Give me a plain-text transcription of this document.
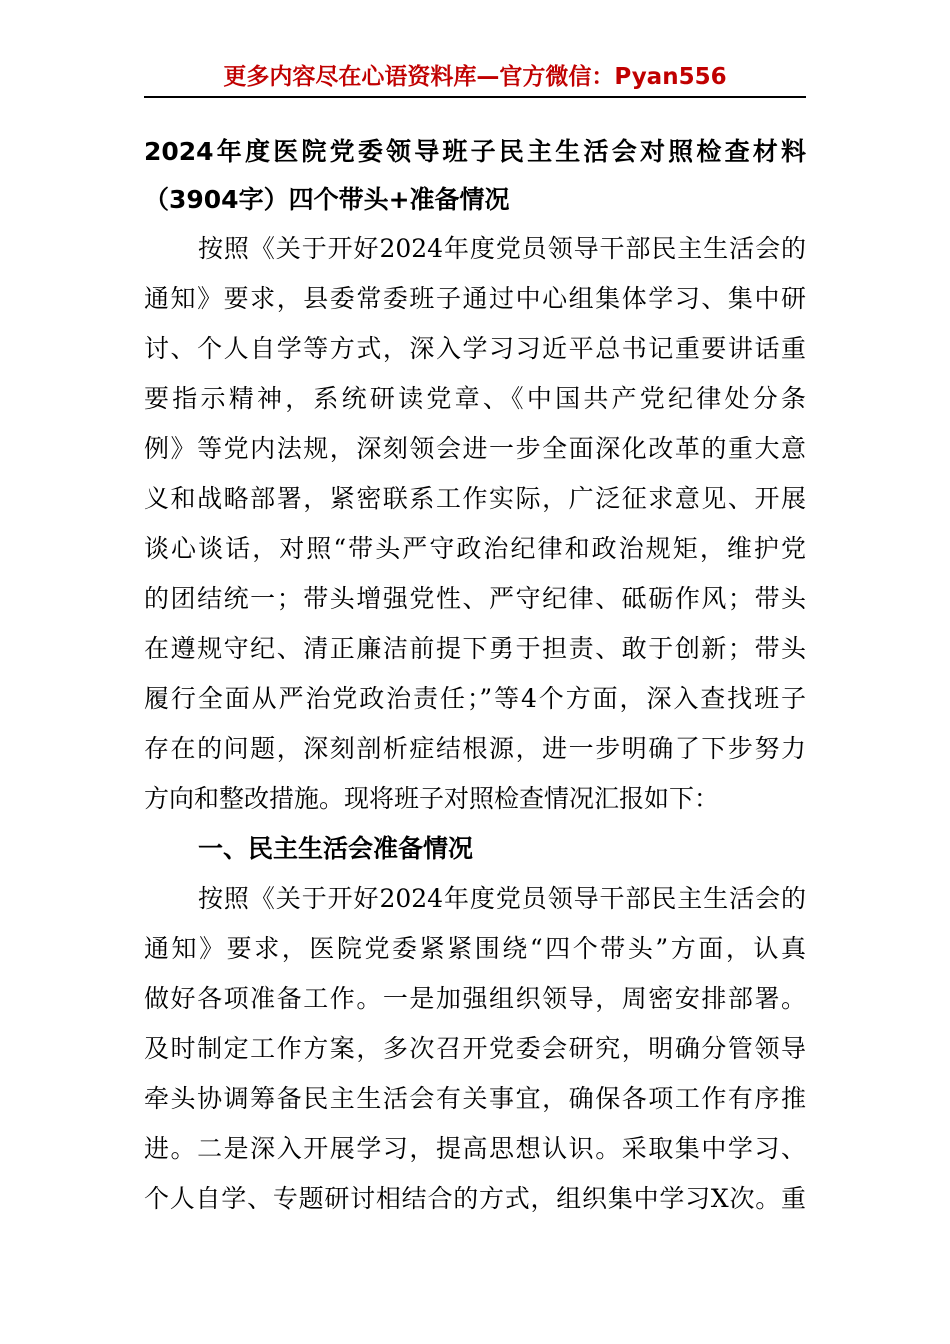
更多内容尽在心语资料库—官方微信：Pyan556
2024年度医院党委领导班子民主生活会对照检查材料
（3904字）四个带头+准备情况
按照《关于开好2024年度党员领导干部民主生活会的
通知》要求，县委常委班子通过中心组集体学习、集中研
讨、个人自学等方式，深入学习习近平总书记重要讲话重
要指示精神，系统研读党章、《中国共产党纪律处分条
例》等党内法规，深刻领会进一步全面深化改革的重大意
义和战略部署，紧密联系工作实际，广泛征求意见、开展
谈心谈话，对照“带头严守政治纪律和政治规矩，维护党
的团结统一；带头增强党性、严守纪律、砥砺作风；带头
在遵规守纪、清正廉洁前提下勇于担责、敢于创新；带头
履行全面从严治党政治责任；”等4个方面，深入查找班子
存在的问题，深刻剖析症结根源，进一步明确了下步努力
方向和整改措施。现将班子对照检查情况汇报如下：
一、民主生活会准备情况
按照《关于开好2024年度党员领导干部民主生活会的
通知》要求，医院党委紧紧围绕“四个带头”方面，认真
做好各项准备工作。一是加强组织领导，周密安排部署。
及时制定工作方案，多次召开党委会研究，明确分管领导
牵头协调筹备民主生活会有关事宜，确保各项工作有序推
进。二是深入开展学习，提高思想认识。采取集中学习、
个人自学、专题研讨相结合的方式，组织集中学习X次。重
